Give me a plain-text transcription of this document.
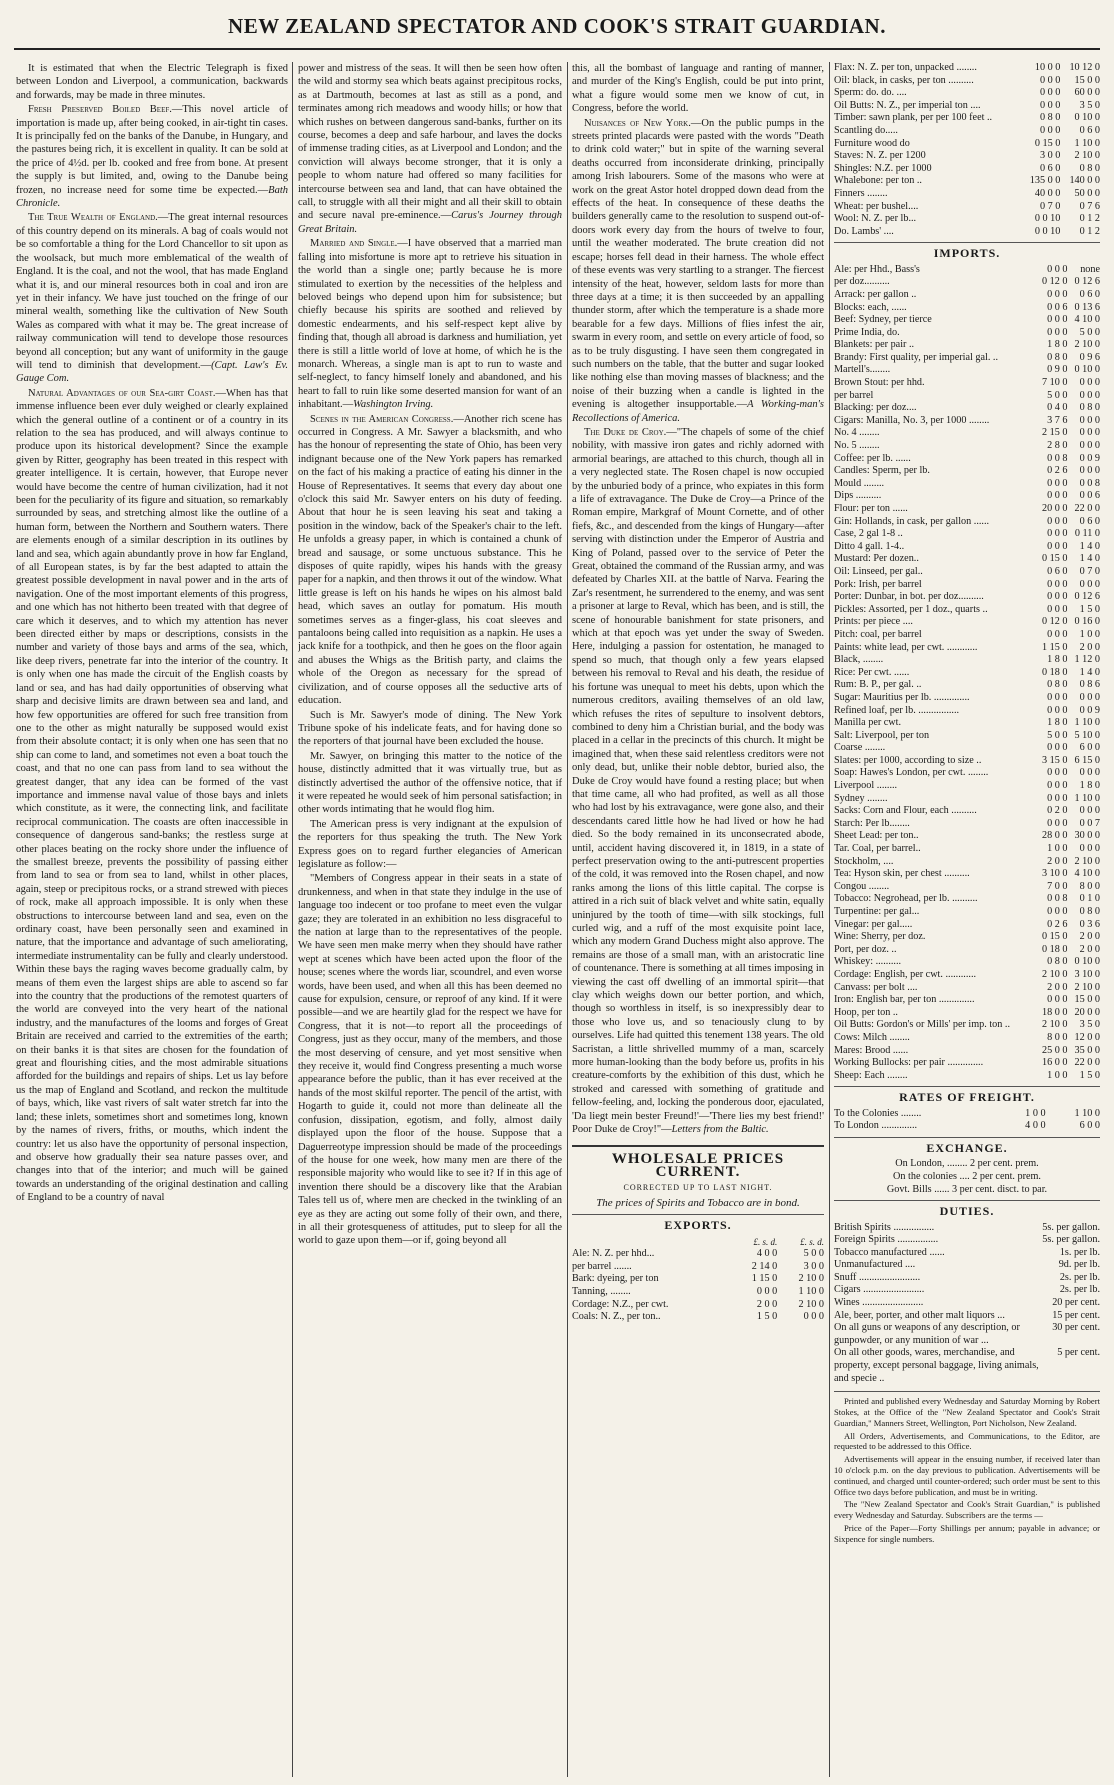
NEW ZEALAND SPECTATOR AND COOK'S STRAIT GUARDIAN.

It is estimated that when the Electric Telegraph is fixed between London and Liverpool, a communication, backwards and forwards, may be made in three minutes.

Fresh Preserved Boiled Beef.—This novel article of importation is made up, after being cooked, in air-tight tin cases. It is principally fed on the banks of the Danube, in Hungary, and the pastures being rich, it is excellent in quality. It can be sold at the price of 4½d. per lb. cooked and free from bone. At present the supply is but limited, and, owing to the Danube being frozen, no increase need for some time be expected.—Bath Chronicle.

The True Wealth of England.—The great internal resources of this country depend on its minerals. A bag of coals would not be so comfortable a thing for the Lord Chancellor to sit upon as the woolsack, but much more emblematical of the wealth of England. It is the coal, and not the wool, that has made England what it is, and our mineral resources both in coal and iron are yet in their infancy. We have just touched on the fringe of our mineral wealth, something like the cultivation of New South Wales as compared with what it may be. The great increase of railway communication will tend to develope those resources beyond all conception; but any want of uniformity in the gauge will tend to diminish that development.—(Capt. Law's Ev. Gauge Com.

Natural Advantages of our Sea-girt Coast.—When has that immense influence been ever duly weighed or clearly explained which the general outline of a continent or of a country in its relation to the sea has produced, and will always continue to produce upon its historical development? Since the example given by Ritter, geography has been treated in this respect with greater intelligence. It is certain, however, that Europe never would have become the centre of human civilization, had it not been for the peculiarity of its figure and situation, so remarkably surrounded by seas, and stretching almost like the outline of a human form, between the Northern and Southern waters. There are elements enough of a similar description in its outlines by land and sea, which again abundantly prove in how far England, of all European states, is by far the best adapted to attain the greatest possible development in naval power and in the arts of navigation. One of the most important elements of this progress, and one which has not hitherto been treated with that degree of care which it deserves, and to which my attention has never been directed either by maps or descriptions, consists in the number and variety of those bays and arms of the sea, which, like deep rivers, penetrate far into the interior of the country. It is only when one has made the circuit of the English coasts by land or sea, and has had daily opportunities of observing what sharp and decisive limits are drawn between sea and land, and how few opportunities are offered for such free transition from one to the other as might naturally be supposed would exist from their absolute contact; it is only when one has seen that no ship can come to land, and sometimes not even a boat touch the coast, and that no one can pass from land to sea without the greatest danger, that any idea can be formed of the vast importance and immense naval value of those bays and inlets which constitute, as it were, the connecting link, and facilitate reciprocal communication. The coasts are often inaccessible in consequence of dangerous sand-banks; the restless surge at other places beating on the rocky shore under the influence of the smallest breeze, prevents the possibility of passing either from land to sea or from sea to land, whilst in other places, again, steep or precipitous rocks, or a strand strewed with pieces of rock, make all approach impossible. It is only when these obstructions to intercourse between land and sea, even on the ordinary coast, have been personally seen and examined in nature, that the importance and advantage of such ameliorating, intermediate instrumentality can be fully and clearly understood. Within these bays the raging waves become gradually calm, by means of them even the largest ships are able to ascend so far into the country that the productions of the remotest quarters of the world are conveyed into the very heart of the national industry, and the manufactures of the looms and forges of Great Britain are received and carried to the extremities of the earth; on their banks it is that sites are chosen for the foundation of great and flourishing cities, and the most admirable situations afforded for the buildings and repairs of ships. Let us lay before us the map of England and Scotland, and reckon the multitude of bays, which, like vast rivers of salt water stretch far into the land; these inlets, sometimes short and sometimes long, known by the names of rivers, friths, or mouths, which indent the country: let us also have the opportunity of personal inspection, and observe how gradually their sea nature passes over, and changes into that of the interior; and much will be gained towards an understanding of the original destination and calling of England to be a country of naval

power and mistress of the seas. It will then be seen how often the wild and stormy sea which beats against precipitous rocks, as at Dartmouth, becomes at last as still as a pond, and terminates among rich meadows and woody hills; or how that which rushes on between dangerous sand-banks, further on its course, becomes a deep and safe harbour, and laves the docks of immense trading cities, as at Liverpool and London; and the conviction will always become stronger, that it is only a people to whom nature had offered so many facilities for intercourse between sea and land, that can have obtained the call, to struggle with all their might and all their skill to obtain and secure naval pre-eminence.—Carus's Journey through Great Britain.

Married and Single.—I have observed that a married man falling into misfortune is more apt to retrieve his situation in the world than a single one; partly because he is more stimulated to exertion by the necessities of the helpless and beloved beings who depend upon him for subsistence; but chiefly because his spirits are soothed and relieved by domestic endearments, and his self-respect kept alive by finding that, though all abroad is darkness and humiliation, yet there is still a little world of love at home, of which he is the monarch. Whereas, a single man is apt to run to waste and self-neglect, to fancy himself lonely and abandoned, and his heart to fall to ruin like some deserted mansion for want of an inhabitant.—Washington Irving.

Scenes in the American Congress.—Another rich scene has occurred in Congress. A Mr. Sawyer a blacksmith, and who has the honour of representing the state of Ohio, has been very indignant because one of the New York papers has remarked on the fact of his making a practice of eating his dinner in the House of Representatives. It seems that every day about one o'clock this said Mr. Sawyer enters on his duty of feeding. About that hour he is seen leaving his seat and taking a position in the window, back of the Speaker's chair to the left. He unfolds a greasy paper, in which is contained a chunk of bread and sausage, or some unctuous substance. This he disposes of quite rapidly, wipes his hands with the greasy paper for a napkin, and then throws it out of the window. What little grease is left on his hands he wipes on his almost bald head, which saves an outlay for pomatum. His mouth sometimes serves as a finger-glass, his coat sleeves and pantaloons being called into requisition as a napkin. He uses a jack knife for a toothpick, and then he goes on the floor again and abuses the Whigs as the British party, and claims the whole of the Oregon as necessary for the spread of civilization, and of course opposes all the seductive arts of education.

Such is Mr. Sawyer's mode of dining. The New York Tribune spoke of his indelicate feats, and for having done so the reporters of that journal have been excluded the house.

Mr. Sawyer, on bringing this matter to the notice of the house, distinctly admitted that it was virtually true, but as distinctly advertised the author of the offensive notice, that if it were repeated he would seek of him personal satisfaction; in other words intimating that he would flog him.

The American press is very indignant at the expulsion of the reporters for thus speaking the truth. The New York Express goes on to regard further elegancies of American legislature as follow:—

"Members of Congress appear in their seats in a state of drunkenness, and when in that state they indulge in the use of language too indecent or too profane to meet even the vulgar gaze; they are tolerated in an exhibition no less disgraceful to the nation at large than to the representatives of the people. We have seen men make merry when they should have rather wept at scenes which have been acted upon the floor of the house; scenes where the words liar, scoundrel, and even worse words, have been used, and when all this has been deemed no cause for expulsion, censure, or reproof of any kind. If it were possible—and we are heartily glad for the respect we have for Congress, that it is not—to report all the proceedings of Congress, just as they occur, many of the members, and those the most deserving of censure, and yet most sensitive when they receive it, would find Congress presenting a much worse appearance before the public, than it has ever received at the hands of the most skilful reporter. The pencil of the artist, with Hogarth to guide it, could not more than delineate all the confusion, dissipation, egotism, and folly, almost daily displayed upon the floor of the house. Suppose that a Daguerreotype impression should be made of the proceedings of the house for one week, how many men are there of the responsible majority who would like to see it? If in this age of invention there should be a discovery like that the Arabian Tales tell us of, where men are checked in the twinkling of an eye as they are acting out some folly of their own, and there, in all their grotesqueness of attitudes, put to sleep for all the world to gaze upon them—or if, going beyond all

this, all the bombast of language and ranting of manner, and murder of the King's English, could be put into print, what a figure would some men we know of cut, in Congress, before the world.

Nuisances of New York.—On the public pumps in the streets printed placards were pasted with the words "Death to drink cold water;" but in spite of the warning several deaths occurred from inconsiderate drinking, principally among Irish labourers. Some of the masons who were at work on the great Astor hotel dropped down dead from the effects of the heat. In consequence of these deaths the builders generally came to the resolution to suspend out-of-doors work every day from the hours of twelve to four, until the weather moderated. The brute creation did not escape; horses fell dead in their harness. The whole effect of these events was very startling to a stranger. The fiercest intensity of the heat, however, seldom lasts for more than three days at a time; it is then succeeded by an appalling thunder storm, after which the temperature is a shade more bearable for a few days. Millions of flies infest the air, swarm in every room, and settle on every article of food, so as to be truly disgusting. I have seen them congregated in such numbers on the table, that the butter and sugar looked like nothing else than moving masses of blackness; and the noise of their buzzing when a candle is lighted in the evening is altogether insupportable.—A Working-man's Recollections of America.

The Duke de Croy.—"The chapels of some of the chief nobility, with massive iron gates and richly adorned with armorial bearings, are attached to this church, though all in a very neglected state. The Rosen chapel is now occupied by the unburied body of a prince, who expiates in this form a life of extravagance. The Duke de Croy—a Prince of the Roman empire, Markgraf of Mount Cornette, and of other fiefs, &c., and descended from the kings of Hungary—after serving with distinction under the Emperor of Austria and King of Poland, passed over to the service of Peter the Great, obtained the command of the Russian army, and was defeated by Charles XII. at the battle of Narva. Fearing the Zar's resentment, he surrendered to the enemy, and was sent a prisoner at large to Reval, which has been, and is still, the scene of honourable banishment for state prisoners, and which at that epoch was yet under the sway of Sweden. Here, indulging a passion for ostentation, he managed to spend so much, that though only a few years elapsed between his removal to Reval and his death, the residue of his fortune was unequal to meet his debts, upon which the numerous creditors, availing themselves of an old law, which refuses the rites of sepulture to insolvent debtors, combined to deny him a Christian burial, and the body was placed in a cellar in the precincts of this church. It might be imagined that, when these said relentless creditors were not only dead, but, unlike their noble debtor, buried also, the Duke de Croy would have found a resting place; but when that time came, all who had profited, as well as all those who had lost by his extravagance, were gone also, and their descendants cared little how he had lived or how he had died. So the body remained in its unconsecrated abode, until, accident having discovered it, in 1819, in a state of perfect preservation owing to the anti-putrescent properties of the cold, it was removed into the Rosen chapel, and now ranks among the lions of this little capital. The corpse is attired in a rich suit of black velvet and white satin, equally uninjured by the tooth of time—with silk stockings, full curled wig, and a ruff of the most exquisite point lace, which any modern Grand Duchess might also approve. The remains are those of a small man, with an aristocratic line of countenance. There is something at all times imposing in viewing the cast off dwelling of an immortal spirit—that clay which weighs down our better portion, and which, though so worthless in itself, is so inexpressibly dear to those who love us, and so tenaciously clung to by ourselves. Life had quitted this tenement 138 years. The old Sacristan, a little shrivelled mummy of a man, scarcely more human-looking than the body before us, profits in his creature-comforts by the exhibition of this dust, which he stroked and caressed with something of gratitude and fellow-feeling, and, locking the ponderous door, ejaculated, 'Da liegt mein bester Freund!'—'There lies my best friend!' Poor Duke de Croy!"—Letters from the Baltic.

WHOLESALE PRICES CURRENT.
CORRECTED UP TO LAST NIGHT.
The prices of Spirits and Tobacco are in bond.
EXPORTS.
	£. s. d.	£. s. d.
Ale: N. Z. per hhd...	4 0 0	5 0 0
per barrel .......	2 14 0	3 0 0
Bark: dyeing, per ton	1 15 0	2 10 0
Tanning, ........	0 0 0	1 10 0
Cordage: N.Z., per cwt.	2 0 0	2 10 0
Coals: N. Z., per ton..	1 5 0	0 0 0
Flax: N. Z. per ton, unpacked ........	10 0 0	10 12 0
Oil: black, in casks, per ton ..........	0 0 0	15 0 0
Sperm: do. do. ....	0 0 0	60 0 0
Oil Butts: N. Z., per imperial ton ....	0 0 0	3 5 0
Timber: sawn plank, per per 100 feet ..	0 8 0	0 10 0
Scantling do.....	0 0 0	0 6 0
Furniture wood do	0 15 0	1 10 0
Staves: N. Z. per 1200	3 0 0	2 10 0
Shingles: N.Z. per 1000	0 6 0	0 8 0
Whalebone: per ton ..	135 0 0	140 0 0
Finners ........	40 0 0	50 0 0
Wheat: per bushel....	0 7 0	0 7 6
Wool: N. Z. per lb...	0 0 10	0 1 2
Do. Lambs' ....	0 0 10	0 1 2
IMPORTS.
Ale: per Hhd., Bass's	0 0 0	none
per doz..........	0 12 0	0 12 6
Arrack: per gallon ..	0 0 0	0 6 0
Blocks: each, ......	0 0 6	0 13 6
Beef: Sydney, per tierce	0 0 0	4 10 0
Prime India, do.	0 0 0	5 0 0
Blankets: per pair ..	1 8 0	2 10 0
Brandy: First quality, per imperial gal. ..	0 8 0	0 9 6
Martell's........	0 9 0	0 10 0
Brown Stout: per hhd.	7 10 0	0 0 0
per barrel	5 0 0	0 0 0
Blacking: per doz....	0 4 0	0 8 0
Cigars: Manilla, No. 3, per 1000 ........	3 7 6	0 0 0
No. 4 ........	2 15 0	0 0 0
No. 5 ........	2 8 0	0 0 0
Coffee: per lb. ......	0 0 8	0 0 9
Candles: Sperm, per lb.	0 2 6	0 0 0
Mould ........	0 0 0	0 0 8
Dips ..........	0 0 0	0 0 6
Flour: per ton ......	20 0 0	22 0 0
Gin: Hollands, in cask, per gallon ......	0 0 0	0 6 0
Case, 2 gal 1-8 ..	0 0 0	0 11 0
Ditto 4 gall. 1-4..	0 0 0	1 4 0
Mustard: Per dozen..	0 15 0	1 4 0
Oil: Linseed, per gal..	0 6 0	0 7 0
Pork: Irish, per barrel	0 0 0	0 0 0
Porter: Dunbar, in bot. per doz..........	0 0 0	0 12 6
Pickles: Assorted, per 1 doz., quarts ..	0 0 0	1 5 0
Prints: per piece ....	0 12 0	0 16 0
Pitch: coal, per barrel	0 0 0	1 0 0
Paints: white lead, per cwt. ............	1 15 0	2 0 0
Black, ........	1 8 0	1 12 0
Rice: Per cwt. ......	0 18 0	1 4 0
Rum: B. P., per gal. ..	0 8 0	0 8 6
Sugar: Mauritius per lb. ..............	0 0 0	0 0 0
Refined loaf, per lb. ................	0 0 0	0 0 9
Manilla per cwt.	1 8 0	1 10 0
Salt: Liverpool, per ton	5 0 0	5 10 0
Coarse ........	0 0 0	6 0 0
Slates: per 1000, according to size ..	3 15 0	6 15 0
Soap: Hawes's London, per cwt. ........	0 0 0	0 0 0
Liverpool ........	0 0 0	1 8 0
Sydney ........	0 0 0	1 10 0
Sacks: Corn and Flour, each ..........	0 2 0	0 0 0
Starch: Per lb........	0 0 0	0 0 7
Sheet Lead: per ton..	28 0 0	30 0 0
Tar. Coal, per barrel..	1 0 0	0 0 0
Stockholm, ....	2 0 0	2 10 0
Tea: Hyson skin, per chest ..........	3 10 0	4 10 0
Congou ........	7 0 0	8 0 0
Tobacco: Negrohead, per lb. ..........	0 0 8	0 1 0
Turpentine: per gal...	0 0 0	0 8 0
Vinegar: per gal.....	0 2 6	0 3 6
Wine: Sherry, per doz.	0 15 0	2 0 0
Port, per doz. ..	0 18 0	2 0 0
Whiskey: ..........	0 8 0	0 10 0
Cordage: English, per cwt. ............	2 10 0	3 10 0
Canvass: per bolt ....	2 0 0	2 10 0
Iron: English bar, per ton ..............	0 0 0	15 0 0
Hoop, per ton ..	18 0 0	20 0 0
Oil Butts: Gordon's or Mills' per imp. ton ..	2 10 0	3 5 0
Cows: Milch ........	8 0 0	12 0 0
Mares: Brood ......	25 0 0	35 0 0
Working Bullocks: per pair ..............	16 0 0	22 0 0
Sheep: Each ........	1 0 0	1 5 0
RATES OF FREIGHT.
To the Colonies ........	1 0 0	1 10 0
To London ..............	4 0 0	6 0 0
EXCHANGE.
On London, ........ 2 per cent. prem.
On the colonies .... 2 per cent. prem.
Govt. Bills ...... 3 per cent. disct. to par.
DUTIES.
British Spirits ................	5s. per gallon.
Foreign Spirits ................	5s. per gallon.
Tobacco manufactured ......	1s. per lb.
Unmanufactured ....	9d. per lb.
Snuff ........................	2s. per lb.
Cigars ........................	2s. per lb.
Wines ........................	20 per cent.
Ale, beer, porter, and other malt liquors ...	15 per cent.
On all guns or weapons of any description, or gunpowder, or any munition of war ...	30 per cent.
On all other goods, wares, merchandise, and property, except personal baggage, living animals, and specie ..	5 per cent.

Printed and published every Wednesday and Saturday Morning by Robert Stokes, at the Office of the "New Zealand Spectator and Cook's Strait Guardian," Manners Street, Wellington, Port Nicholson, New Zealand.

All Orders, Advertisements, and Communications, to the Editor, are requested to be addressed to this Office.

Advertisements will appear in the ensuing number, if received later than 10 o'clock p.m. on the day previous to publication. Advertisements will be continued, and charged until counter-ordered; such order must be sent to this Office two days before publication, and must be in writing.

The "New Zealand Spectator and Cook's Strait Guardian," is published every Wednesday and Saturday. Subscribers are the terms —

Price of the Paper—Forty Shillings per annum; payable in advance; or Sixpence for single numbers.
